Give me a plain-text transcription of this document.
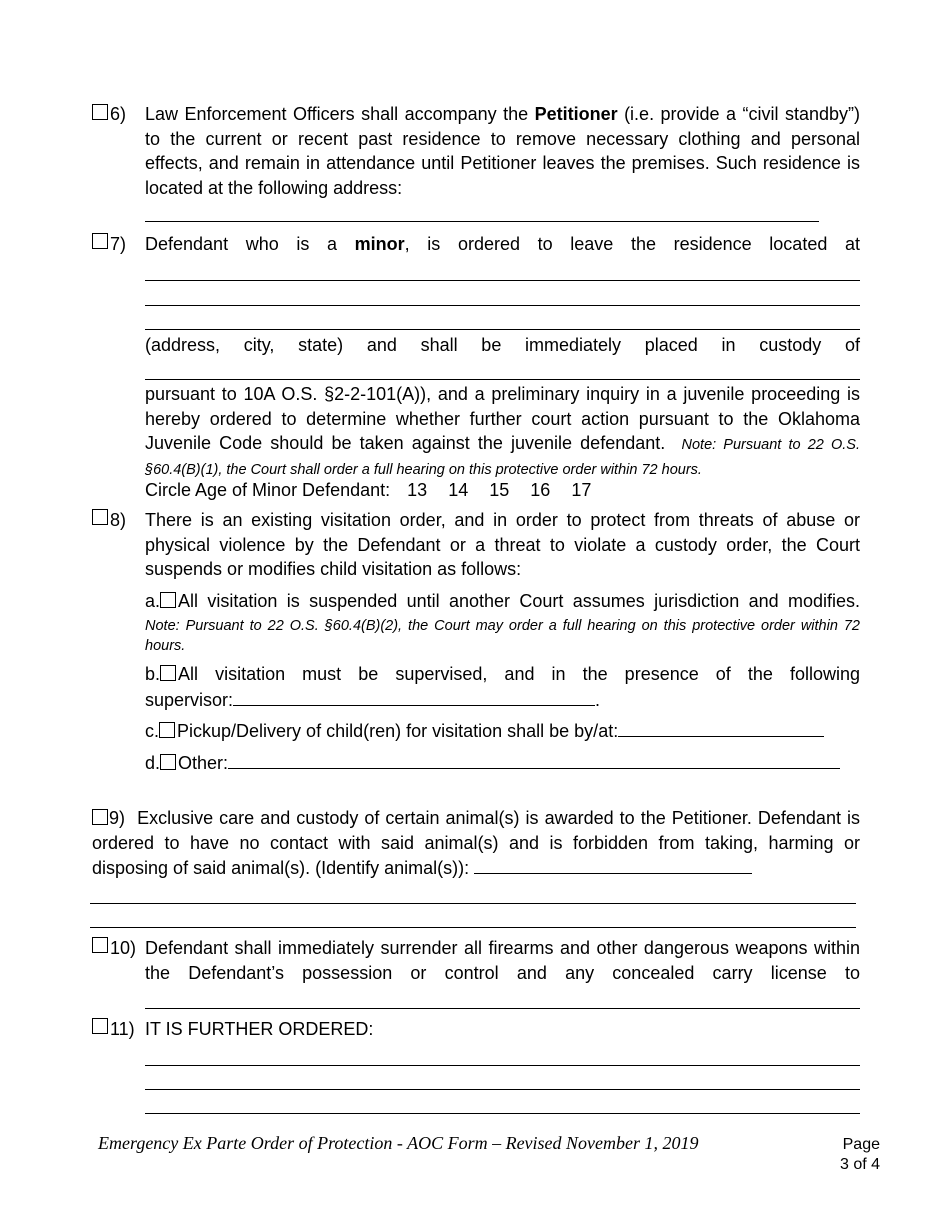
6) Law Enforcement Officers shall accompany the Petitioner (i.e. provide a “civil standby”) to the current or recent past residence to remove necessary clothing and personal effects, and remain in attendance until Petitioner leaves the premises. Such residence is located at the following address:

7) Defendant who is a minor, is ordered to leave the residence located at
(address, city, state) and shall be immediately placed in custody of

pursuant to 10A O.S. §2-2-101(A)), and a preliminary inquiry in a juvenile proceeding is hereby ordered to determine whether further court action pursuant to the Oklahoma Juvenile Code should be taken against the juvenile defendant. Note: Pursuant to 22 O.S. §60.4(B)(1), the Court shall order a full hearing on this protective order within 72 hours.

Circle Age of Minor Defendant: 13 14 15 16 17
8) There is an existing visitation order, and in order to protect from threats of abuse or physical violence by the Defendant or a threat to violate a custody order, the Court suspends or modifies child visitation as follows:

a. All visitation is suspended until another Court assumes jurisdiction and modifies.

Note: Pursuant to 22 O.S. §60.4(B)(2), the Court may order a full hearing on this protective order within 72 hours.

b. All visitation must be supervised, and in the presence of the following
supervisor:	.
c. Pickup/Delivery of child(ren) for visitation shall be by/at:
d. Other:

9) Exclusive care and custody of certain animal(s) is awarded to the Petitioner. Defendant is ordered to have no contact with said animal(s) and is forbidden from taking, harming or disposing of said animal(s). (Identify animal(s)):

10) Defendant shall immediately surrender all firearms and other dangerous weapons within the Defendant’s possession or control and any concealed carry license to

11) IT IS FURTHER ORDERED:
Emergency Ex Parte Order of Protection - AOC Form – Revised November 1, 2019	Page
3 of 4
